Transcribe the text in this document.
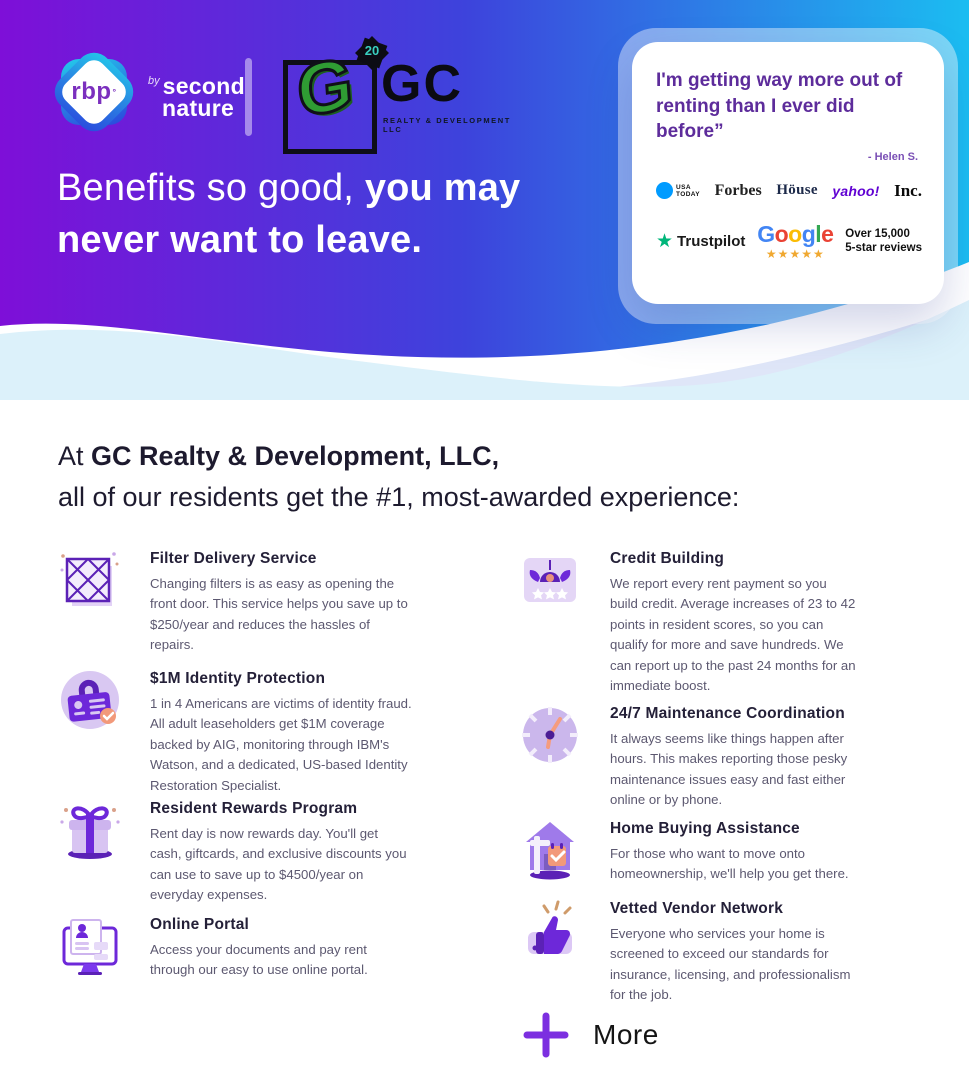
rbp °
$^{by}$ second
nature G 20
GC
REALTY & DEVELOPMENT LLC
Benefits so good, you may
never want to leave.
I'm getting way more out of
renting than I ever did before”
- Helen S.
USA
TODAY Forbes Höuse yahoo! Inc.
★ Trustpilot Google
★★★★★
Over 15,000
5-star reviews
At GC Realty & Development, LLC,
all of our residents get the #1, most-awarded experience:
Filter Delivery Service

Changing filters is as easy as opening the front door. This service helps you save up to $250/year and reduces the hassles of repairs.

$1M Identity Protection

1 in 4 Americans are victims of identity fraud. All adult leaseholders get $1M coverage backed by AIG, monitoring through IBM's Watson, and a dedicated, US-based Identity Restoration Specialist.

Resident Rewards Program

Rent day is now rewards day. You'll get cash, giftcards, and exclusive discounts you can use to save up to $4500/year on everyday expenses.

Online Portal

Access your documents and pay rent through our easy to use online portal.

Credit Building

We report every rent payment so you build credit. Average increases of 23 to 42 points in resident scores, so you can qualify for more and save hundreds. We can report up to the past 24 months for an immediate boost.

24/7 Maintenance Coordination

It always seems like things happen after hours. This makes reporting those pesky maintenance issues easy and fast either online or by phone.

Home Buying Assistance

For those who want to move onto homeownership, we'll help you get there.

Vetted Vendor Network

Everyone who services your home is screened to exceed our standards for insurance, licensing, and professionalism for the job.

More
